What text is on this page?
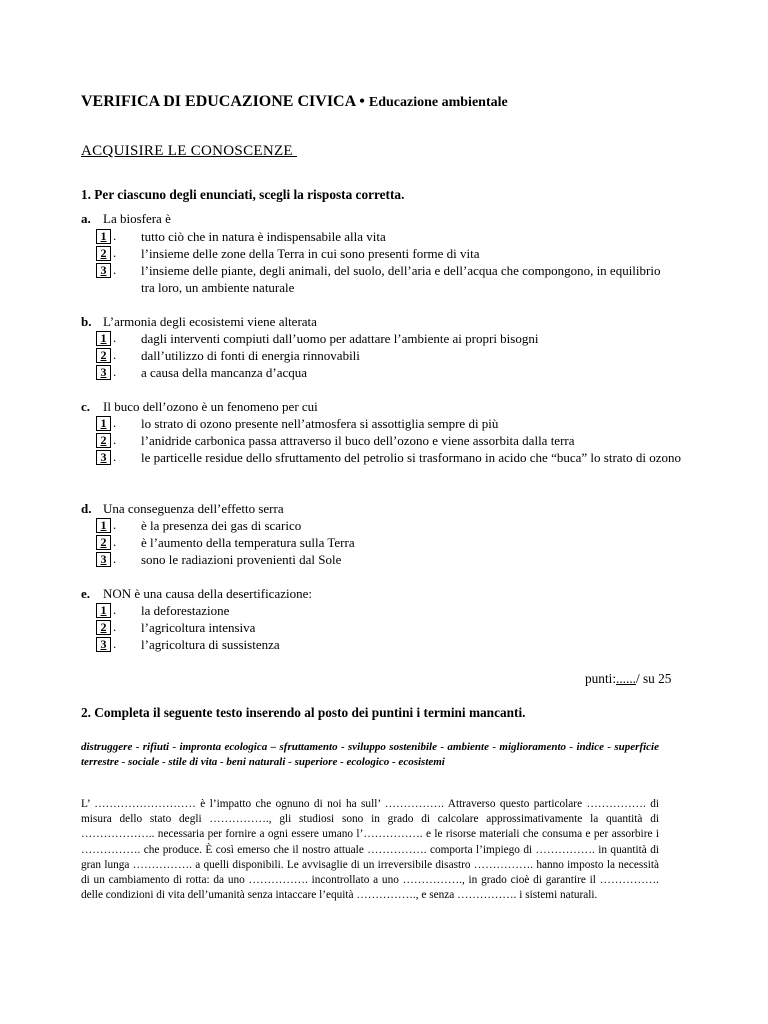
VERIFICA DI EDUCAZIONE CIVICA • Educazione ambientale
ACQUISIRE LE CONOSCENZE
1. Per ciascuno degli enunciati, scegli la risposta corretta.
a. La biosfera è
1 . tutto ciò che in natura è indispensabile alla vita
2 . l’insieme delle zone della Terra in cui sono presenti forme di vita
3 . l’insieme delle piante, degli animali, del suolo, dell’aria e dell’acqua che compongono, in equilibrio tra loro, un ambiente naturale
b. L’armonia degli ecosistemi viene alterata
1 . dagli interventi compiuti dall’uomo per adattare l’ambiente ai propri bisogni
2 . dall’utilizzo di fonti di energia rinnovabili
3 . a causa della mancanza d’acqua
c. Il buco dell’ozono è un fenomeno per cui
1 . lo strato di ozono presente nell’atmosfera si assottiglia sempre di più
2 . l’anidride carbonica passa attraverso il buco dell’ozono e viene assorbita dalla terra
3 . le particelle residue dello sfruttamento del petrolio si trasformano in acido che “buca” lo strato di ozono
d. Una conseguenza dell’effetto serra
1 . è la presenza dei gas di scarico
2 . è l’aumento della temperatura sulla Terra
3 . sono le radiazioni provenienti dal Sole
e. NON è una causa della desertificazione:
1 . la deforestazione
2 . l’agricoltura intensiva
3 . l’agricoltura di sussistenza
punti:....../ su 25
2. Completa il seguente testo inserendo al posto dei puntini i termini mancanti.
distruggere - rifiuti - impronta ecologica – sfruttamento - sviluppo sostenibile - ambiente - miglioramento - indice - superficie terrestre - sociale - stile di vita - beni naturali - superiore - ecologico - ecosistemi
L’ ……………………… è l’impatto che ognuno di noi ha sull’ ……………. Attraverso questo particolare ……………. di misura dello stato degli ……………., gli studiosi sono in grado di calcolare approssimativamente la quantità di ……………….. necessaria per fornire a ogni essere umano l’……………. e le risorse materiali che consuma e per assorbire i ……………. che produce. È così emerso che il nostro attuale ……………. comporta l’impiego di ……………. in quantità di gran lunga ……………. a quelli disponibili. Le avvisaglie di un irreversibile disastro ……………. hanno imposto la necessità di un cambiamento di rotta: da uno ……………. incontrollato a uno ……………., in grado cioè di garantire il ……………. delle condizioni di vita dell’umanità senza intaccare l’equità ……………., e senza ……………. i sistemi naturali.
